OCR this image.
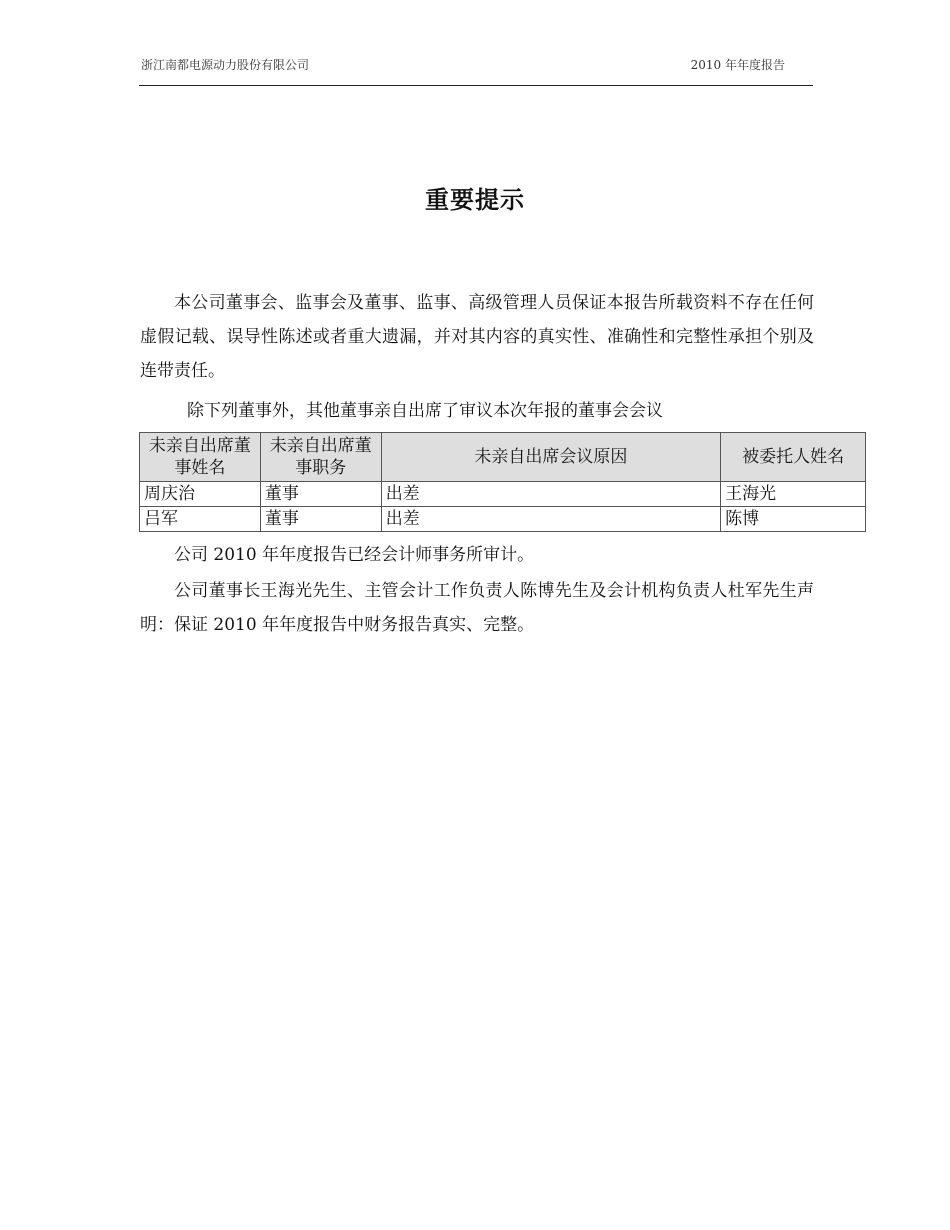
浙江南都电源动力股份有限公司	2010 年年度报告
重要提示

本公司董事会、监事会及董事、监事、高级管理人员保证本报告所载资料不存在任何虚假记载、误导性陈述或者重大遗漏，并对其内容的真实性、准确性和完整性承担个别及连带责任。

除下列董事外，其他董事亲自出席了审议本次年报的董事会会议

未亲自出席董事姓名	未亲自出席董事职务	未亲自出席会议原因	被委托人姓名
周庆治	董事	出差	王海光
吕军	董事	出差	陈博

公司 2010 年年度报告已经会计师事务所审计。

公司董事长王海光先生、主管会计工作负责人陈博先生及会计机构负责人杜军先生声明：保证 2010 年年度报告中财务报告真实、完整。
